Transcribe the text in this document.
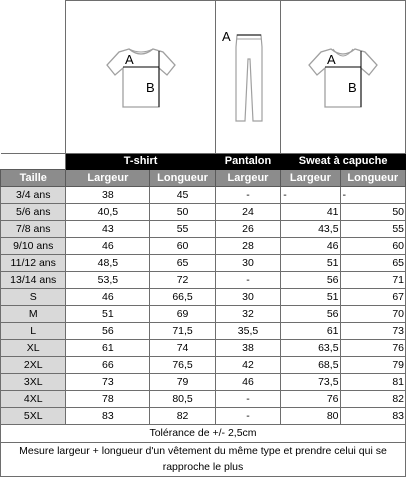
A
B		A	A
B	

	T-shirt		Pantalon	Sweat à capuche	
Taille	Largeur	Longueur	Largeur	Largeur	Longueur
3/4 ans	38	45	-	-	-
5/6 ans	40,5	50	24	41	50
7/8 ans	43	55	26	43,5	55
9/10 ans	46	60	28	46	60
11/12 ans	48,5	65	30	51	65
13/14 ans	53,5	72	-	56	71
S	46	66,5	30	51	67
M	51	69	32	56	70
L	56	71,5	35,5	61	73
XL	61	74	38	63,5	76
2XL	66	76,5	42	68,5	79
3XL	73	79	46	73,5	81
4XL	78	80,5	-	76	82
5XL	83	82	-	80	83
Tolérance de +/- 2,5cm					
Mesure largeur + longueur d'un vêtement du même type et prendre celui qui se rapproche le plus					
